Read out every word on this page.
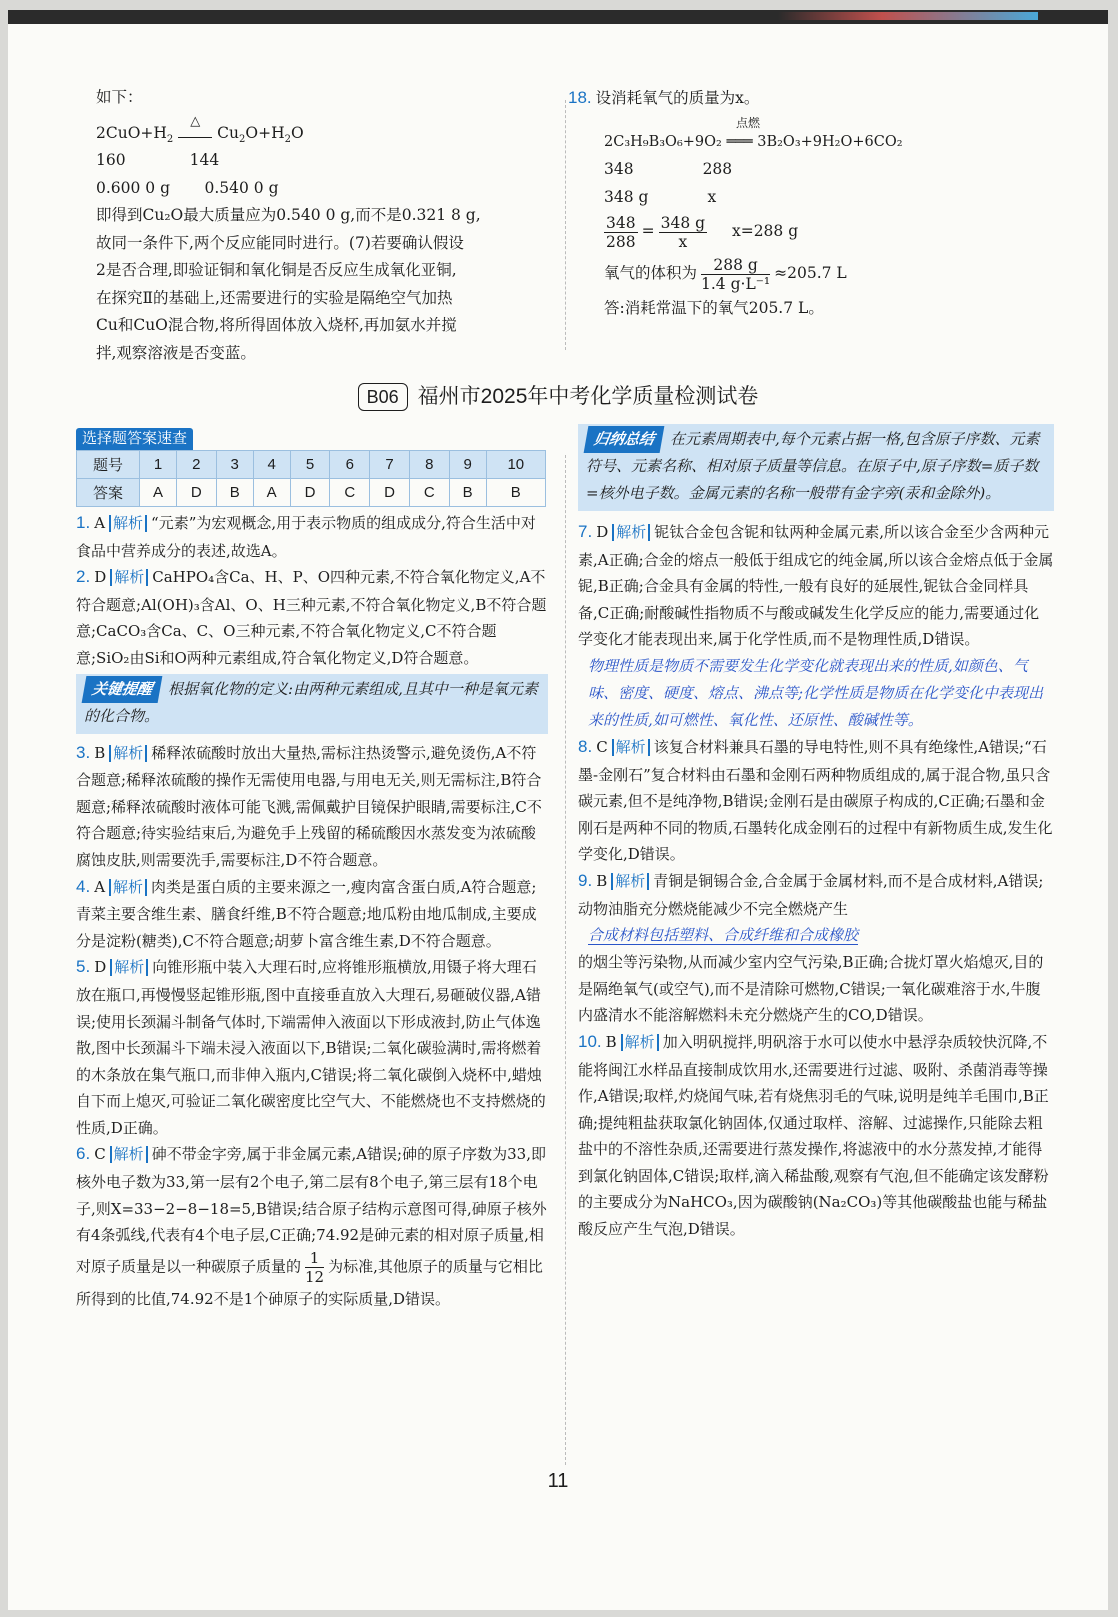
如下：

$2CuO+H_2$
△
$Cu_2O+H_2O$

160             144

0.600 0 g       0.540 0 g

即得到Cu₂O最大质量应为0.540 0 g,而不是0.321 8 g,

故同一条件下,两个反应能同时进行。(7)若要确认假设

2是否合理,即验证铜和氧化铜是否反应生成氧化亚铜,

在探究Ⅱ的基础上,还需要进行的实验是隔绝空气加热

Cu和CuO混合物,将所得固体放入烧杯,再加氨水并搅

拌,观察溶液是否变蓝。

18. 设消耗氧气的质量为x。

点燃

2C₃H₉B₃O₆+9O₂ ═══ 3B₂O₃+9H₂O+6CO₂

348              288

348 g            x

$\frac{348}{288} = \frac{348 g}{x} x=288$ g

氧气的体积为 $\frac{288 g}{\text{1.4 g·L⁻¹}} \approx 205.7$ L

答:消耗常温下的氧气205.7 L。

B06 福州市2025年中考化学质量检测试卷
选择题答案速查
题号	1	2	3	4	5	6	7	8	9	10
答案	A	D	B	A	D	C	D	C	B	B

1. A 解析 “元素”为宏观概念,用于表示物质的组成成分,符合生活中对食品中营养成分的表述,故选A。

2. D 解析 CaHPO₄含Ca、H、P、O四种元素,不符合氧化物定义,A不符合题意;Al(OH)₃含Al、O、H三种元素,不符合氧化物定义,B不符合题意;CaCO₃含Ca、C、O三种元素,不符合氧化物定义,C不符合题意;SiO₂由Si和O两种元素组成,符合氧化物定义,D符合题意。

关键提醒 根据氧化物的定义:由两种元素组成,且其中一种是氧元素的化合物。

3. B 解析 稀释浓硫酸时放出大量热,需标注热烫警示,避免烫伤,A不符合题意;稀释浓硫酸的操作无需使用电器,与用电无关,则无需标注,B符合题意;稀释浓硫酸时液体可能飞溅,需佩戴护目镜保护眼睛,需要标注,C不符合题意;待实验结束后,为避免手上残留的稀硫酸因水蒸发变为浓硫酸腐蚀皮肤,则需要洗手,需要标注,D不符合题意。

4. A 解析 肉类是蛋白质的主要来源之一,瘦肉富含蛋白质,A符合题意;青菜主要含维生素、膳食纤维,B不符合题意;地瓜粉由地瓜制成,主要成分是淀粉(糖类),C不符合题意;胡萝卜富含维生素,D不符合题意。

5. D 解析 向锥形瓶中装入大理石时,应将锥形瓶横放,用镊子将大理石放在瓶口,再慢慢竖起锥形瓶,图中直接垂直放入大理石,易砸破仪器,A错误;使用长颈漏斗制备气体时,下端需伸入液面以下形成液封,防止气体逸散,图中长颈漏斗下端未浸入液面以下,B错误;二氧化碳验满时,需将燃着的木条放在集气瓶口,而非伸入瓶内,C错误;将二氧化碳倒入烧杯中,蜡烛自下而上熄灭,可验证二氧化碳密度比空气大、不能燃烧也不支持燃烧的性质,D正确。

6. C 解析 砷不带金字旁,属于非金属元素,A错误;砷的原子序数为33,即核外电子数为33,第一层有2个电子,第二层有8个电子,第三层有18个电子,则X=33−2−8−18=5,B错误;结合原子结构示意图可得,砷原子核外有4条弧线,代表有4个电子层,C正确;74.92是砷元素的相对原子质量,相对原子质量是以一种碳原子质量的 $\frac{1}{12}$ 为标准,其他原子的质量与它相比所得到的比值,74.92不是1个砷原子的实际质量,D错误。

归纳总结 在元素周期表中,每个元素占据一格,包含原子序数、元素符号、元素名称、相对原子质量等信息。在原子中,原子序数=质子数=核外电子数。金属元素的名称一般带有金字旁(汞和金除外)。

7. D 解析 铌钛合金包含铌和钛两种金属元素,所以该合金至少含两种元素,A正确;合金的熔点一般低于组成它的纯金属,所以该合金熔点低于金属铌,B正确;合金具有金属的特性,一般有良好的延展性,铌钛合金同样具备,C正确;耐酸碱性指物质不与酸或碱发生化学反应的能力,需要通过化学变化才能表现出来,属于化学性质,而不是物理性质,D错误。

物理性质是物质不需要发生化学变化就表现出来的性质,如颜色、气味、密度、硬度、熔点、沸点等;化学性质是物质在化学变化中表现出来的性质,如可燃性、氧化性、还原性、酸碱性等。

8. C 解析 该复合材料兼具石墨的导电特性,则不具有绝缘性,A错误;“石墨-金刚石”复合材料由石墨和金刚石两种物质组成的,属于混合物,虽只含碳元素,但不是纯净物,B错误;金刚石是由碳原子构成的,C正确;石墨和金刚石是两种不同的物质,石墨转化成金刚石的过程中有新物质生成,发生化学变化,D错误。

9. B 解析 青铜是铜锡合金,合金属于金属材料,而不是合成材料,A错误;动物油脂充分燃烧能减少不完全燃烧产生

合成材料包括塑料、合成纤维和合成橡胶

的烟尘等污染物,从而减少室内空气污染,B正确;合拢灯罩火焰熄灭,目的是隔绝氧气(或空气),而不是清除可燃物,C错误;一氧化碳难溶于水,牛腹内盛清水不能溶解燃料未充分燃烧产生的CO,D错误。

10. B 解析 加入明矾搅拌,明矾溶于水可以使水中悬浮杂质较快沉降,不能将闽江水样品直接制成饮用水,还需要进行过滤、吸附、杀菌消毒等操作,A错误;取样,灼烧闻气味,若有烧焦羽毛的气味,说明是纯羊毛围巾,B正确;提纯粗盐获取氯化钠固体,仅通过取样、溶解、过滤操作,只能除去粗盐中的不溶性杂质,还需要进行蒸发操作,将滤液中的水分蒸发掉,才能得到氯化钠固体,C错误;取样,滴入稀盐酸,观察有气泡,但不能确定该发酵粉的主要成分为NaHCO₃,因为碳酸钠(Na₂CO₃)等其他碳酸盐也能与稀盐酸反应产生气泡,D错误。

11
